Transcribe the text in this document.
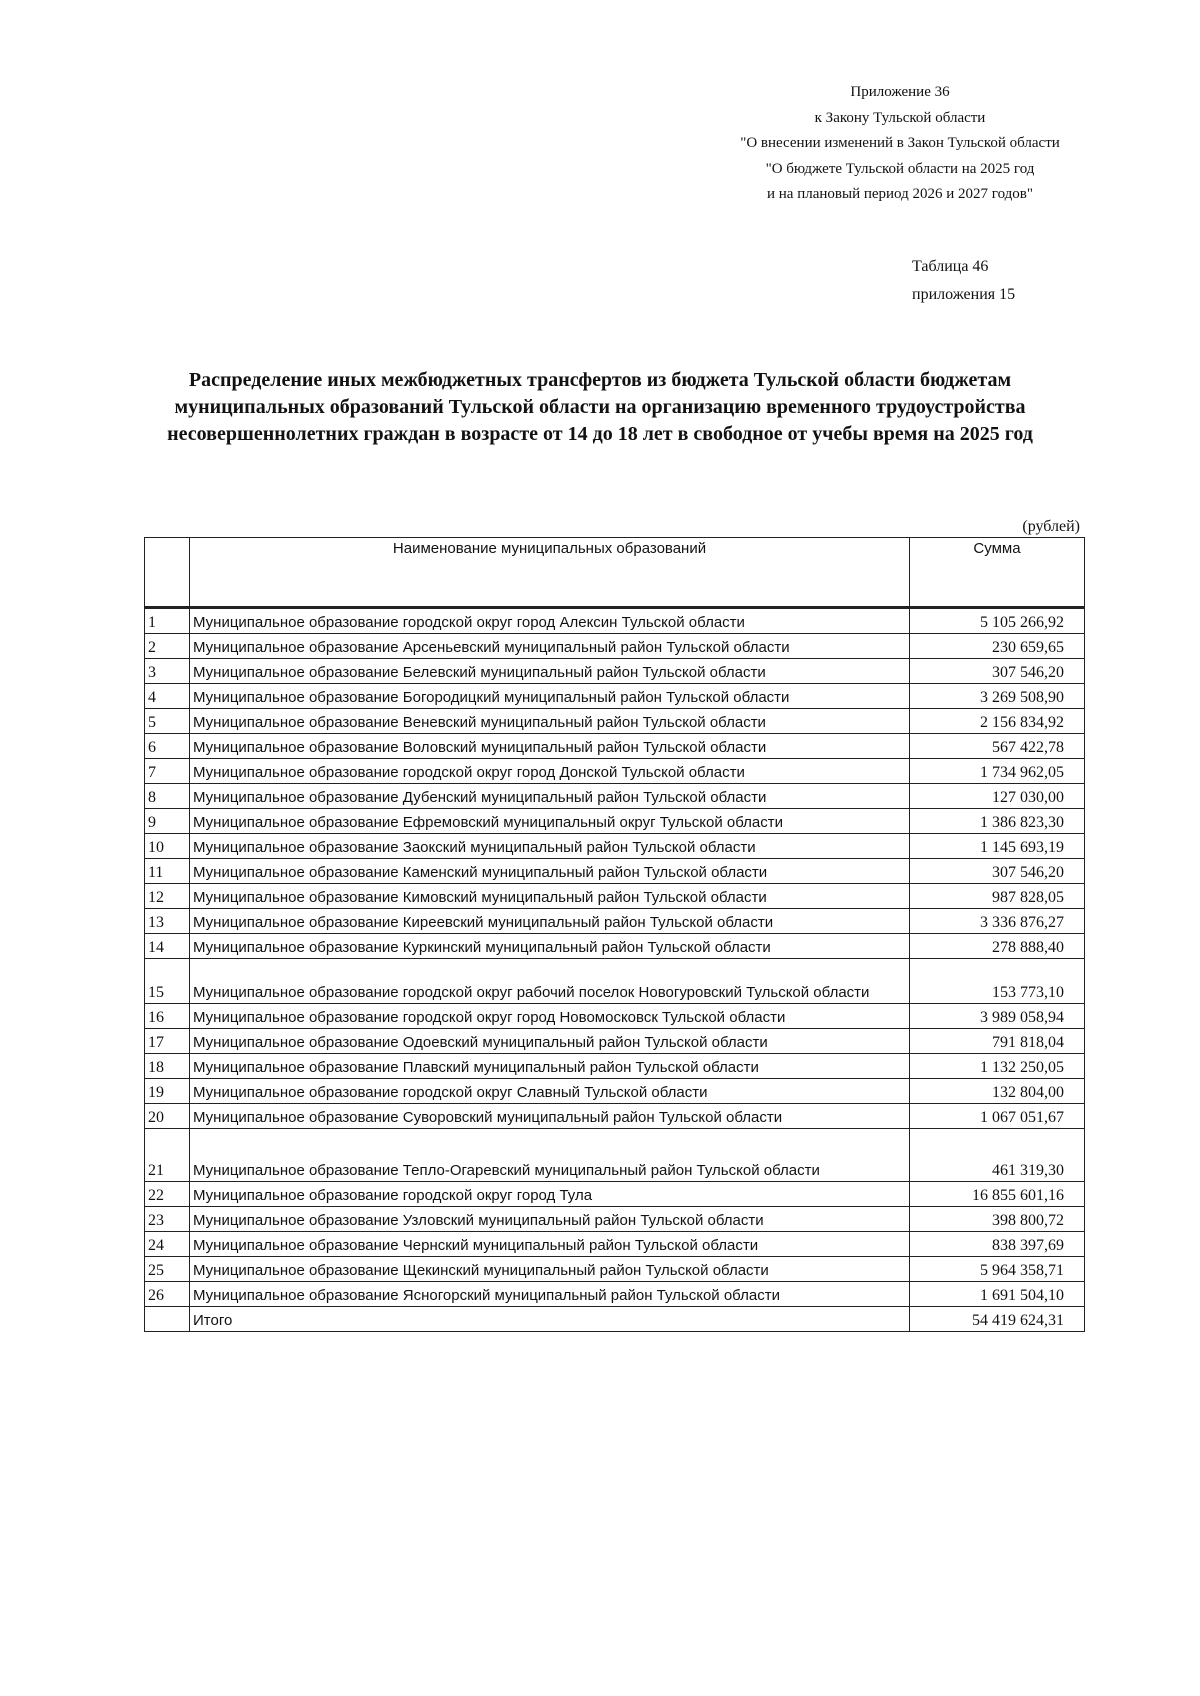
Приложение 36
к Закону Тульской области
"О внесении изменений в Закон Тульской области
"О бюджете Тульской области на 2025 год
и на плановый период 2026 и 2027 годов"
Таблица 46
приложения 15
Распределение иных межбюджетных трансфертов из бюджета Тульской области бюджетам
муниципальных образований Тульской области на организацию временного трудоустройства
несовершеннолетних граждан в возрасте от 14 до 18 лет в свободное от учебы время на 2025 год
(рублей)
	Наименование муниципальных образований	Сумма
1	Муниципальное образование городской округ город Алексин Тульской области	5 105 266,92
2	Муниципальное образование Арсеньевский муниципальный район Тульской области	230 659,65
3	Муниципальное образование Белевский муниципальный район Тульской области	307 546,20
4	Муниципальное образование Богородицкий муниципальный район Тульской области	3 269 508,90
5	Муниципальное образование Веневский муниципальный район Тульской области	2 156 834,92
6	Муниципальное образование Воловский муниципальный район Тульской области	567 422,78
7	Муниципальное образование городской округ город Донской Тульской области	1 734 962,05
8	Муниципальное образование Дубенский муниципальный район Тульской области	127 030,00
9	Муниципальное образование Ефремовский муниципальный округ Тульской области	1 386 823,30
10	Муниципальное образование Заокский муниципальный район Тульской области	1 145 693,19
11	Муниципальное образование Каменский муниципальный район Тульской области	307 546,20
12	Муниципальное образование Кимовский муниципальный район Тульской области	987 828,05
13	Муниципальное образование Киреевский муниципальный район Тульской области	3 336 876,27
14	Муниципальное образование Куркинский муниципальный район Тульской области	278 888,40
15	Муниципальное образование городской округ рабочий поселок Новогуровский Тульской области	153 773,10
16	Муниципальное образование городской округ город Новомосковск Тульской области	3 989 058,94
17	Муниципальное образование Одоевский муниципальный район Тульской области	791 818,04
18	Муниципальное образование Плавский муниципальный район Тульской области	1 132 250,05
19	Муниципальное образование городской округ Славный Тульской области	132 804,00
20	Муниципальное образование Суворовский муниципальный район Тульской области	1 067 051,67
21	Муниципальное образование Тепло-Огаревский муниципальный район Тульской области	461 319,30
22	Муниципальное образование городской округ город Тула	16 855 601,16
23	Муниципальное образование Узловский муниципальный район Тульской области	398 800,72
24	Муниципальное образование Чернский муниципальный район Тульской области	838 397,69
25	Муниципальное образование Щекинский муниципальный район Тульской области	5 964 358,71
26	Муниципальное образование Ясногорский муниципальный район Тульской области	1 691 504,10
	Итого	54 419 624,31
